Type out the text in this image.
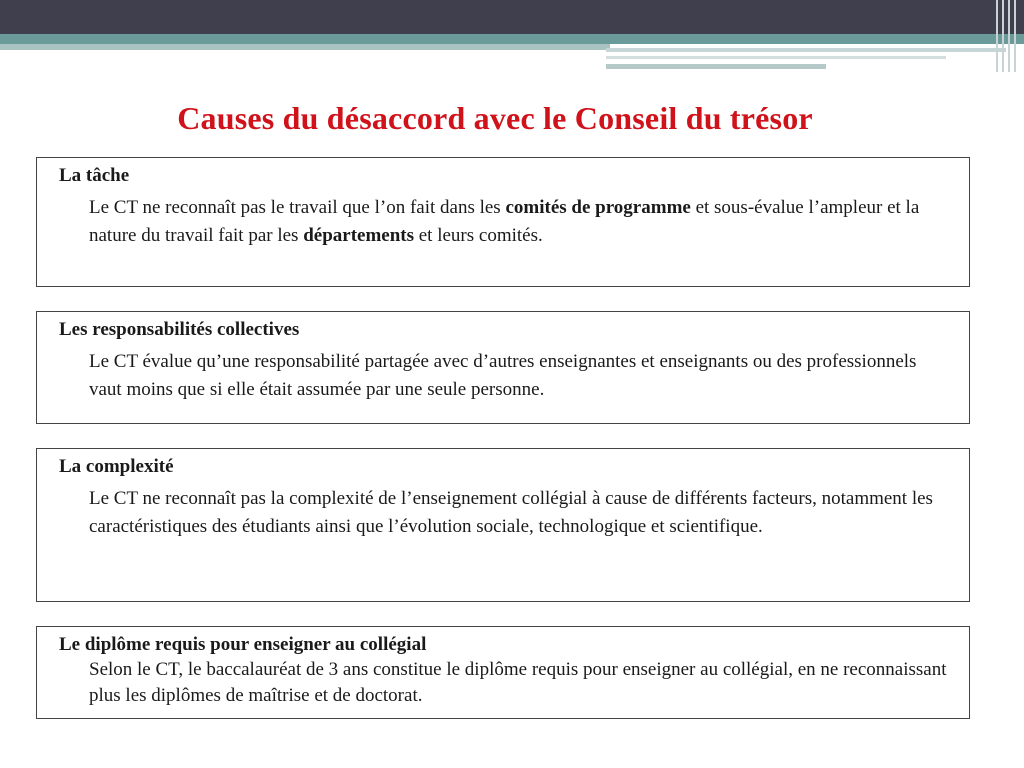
Causes du désaccord avec le Conseil du trésor
La tâche

Le CT ne reconnaît pas le travail que l’on fait dans les comités de programme et sous-évalue l’ampleur et la nature du travail fait par les départements et leurs comités.

Les responsabilités collectives

Le CT évalue qu’une responsabilité partagée avec d’autres enseignantes et enseignants ou des professionnels vaut moins que si elle était assumée par une seule personne.

La complexité

Le CT ne reconnaît pas la complexité de l’enseignement collégial à cause de différents facteurs, notamment les caractéristiques des étudiants ainsi que l’évolution sociale, technologique et scientifique.

Le diplôme requis pour enseigner au collégial

Selon le CT, le baccalauréat de 3 ans constitue le diplôme requis pour enseigner au collégial, en ne reconnaissant plus les diplômes de maîtrise et de doctorat.
